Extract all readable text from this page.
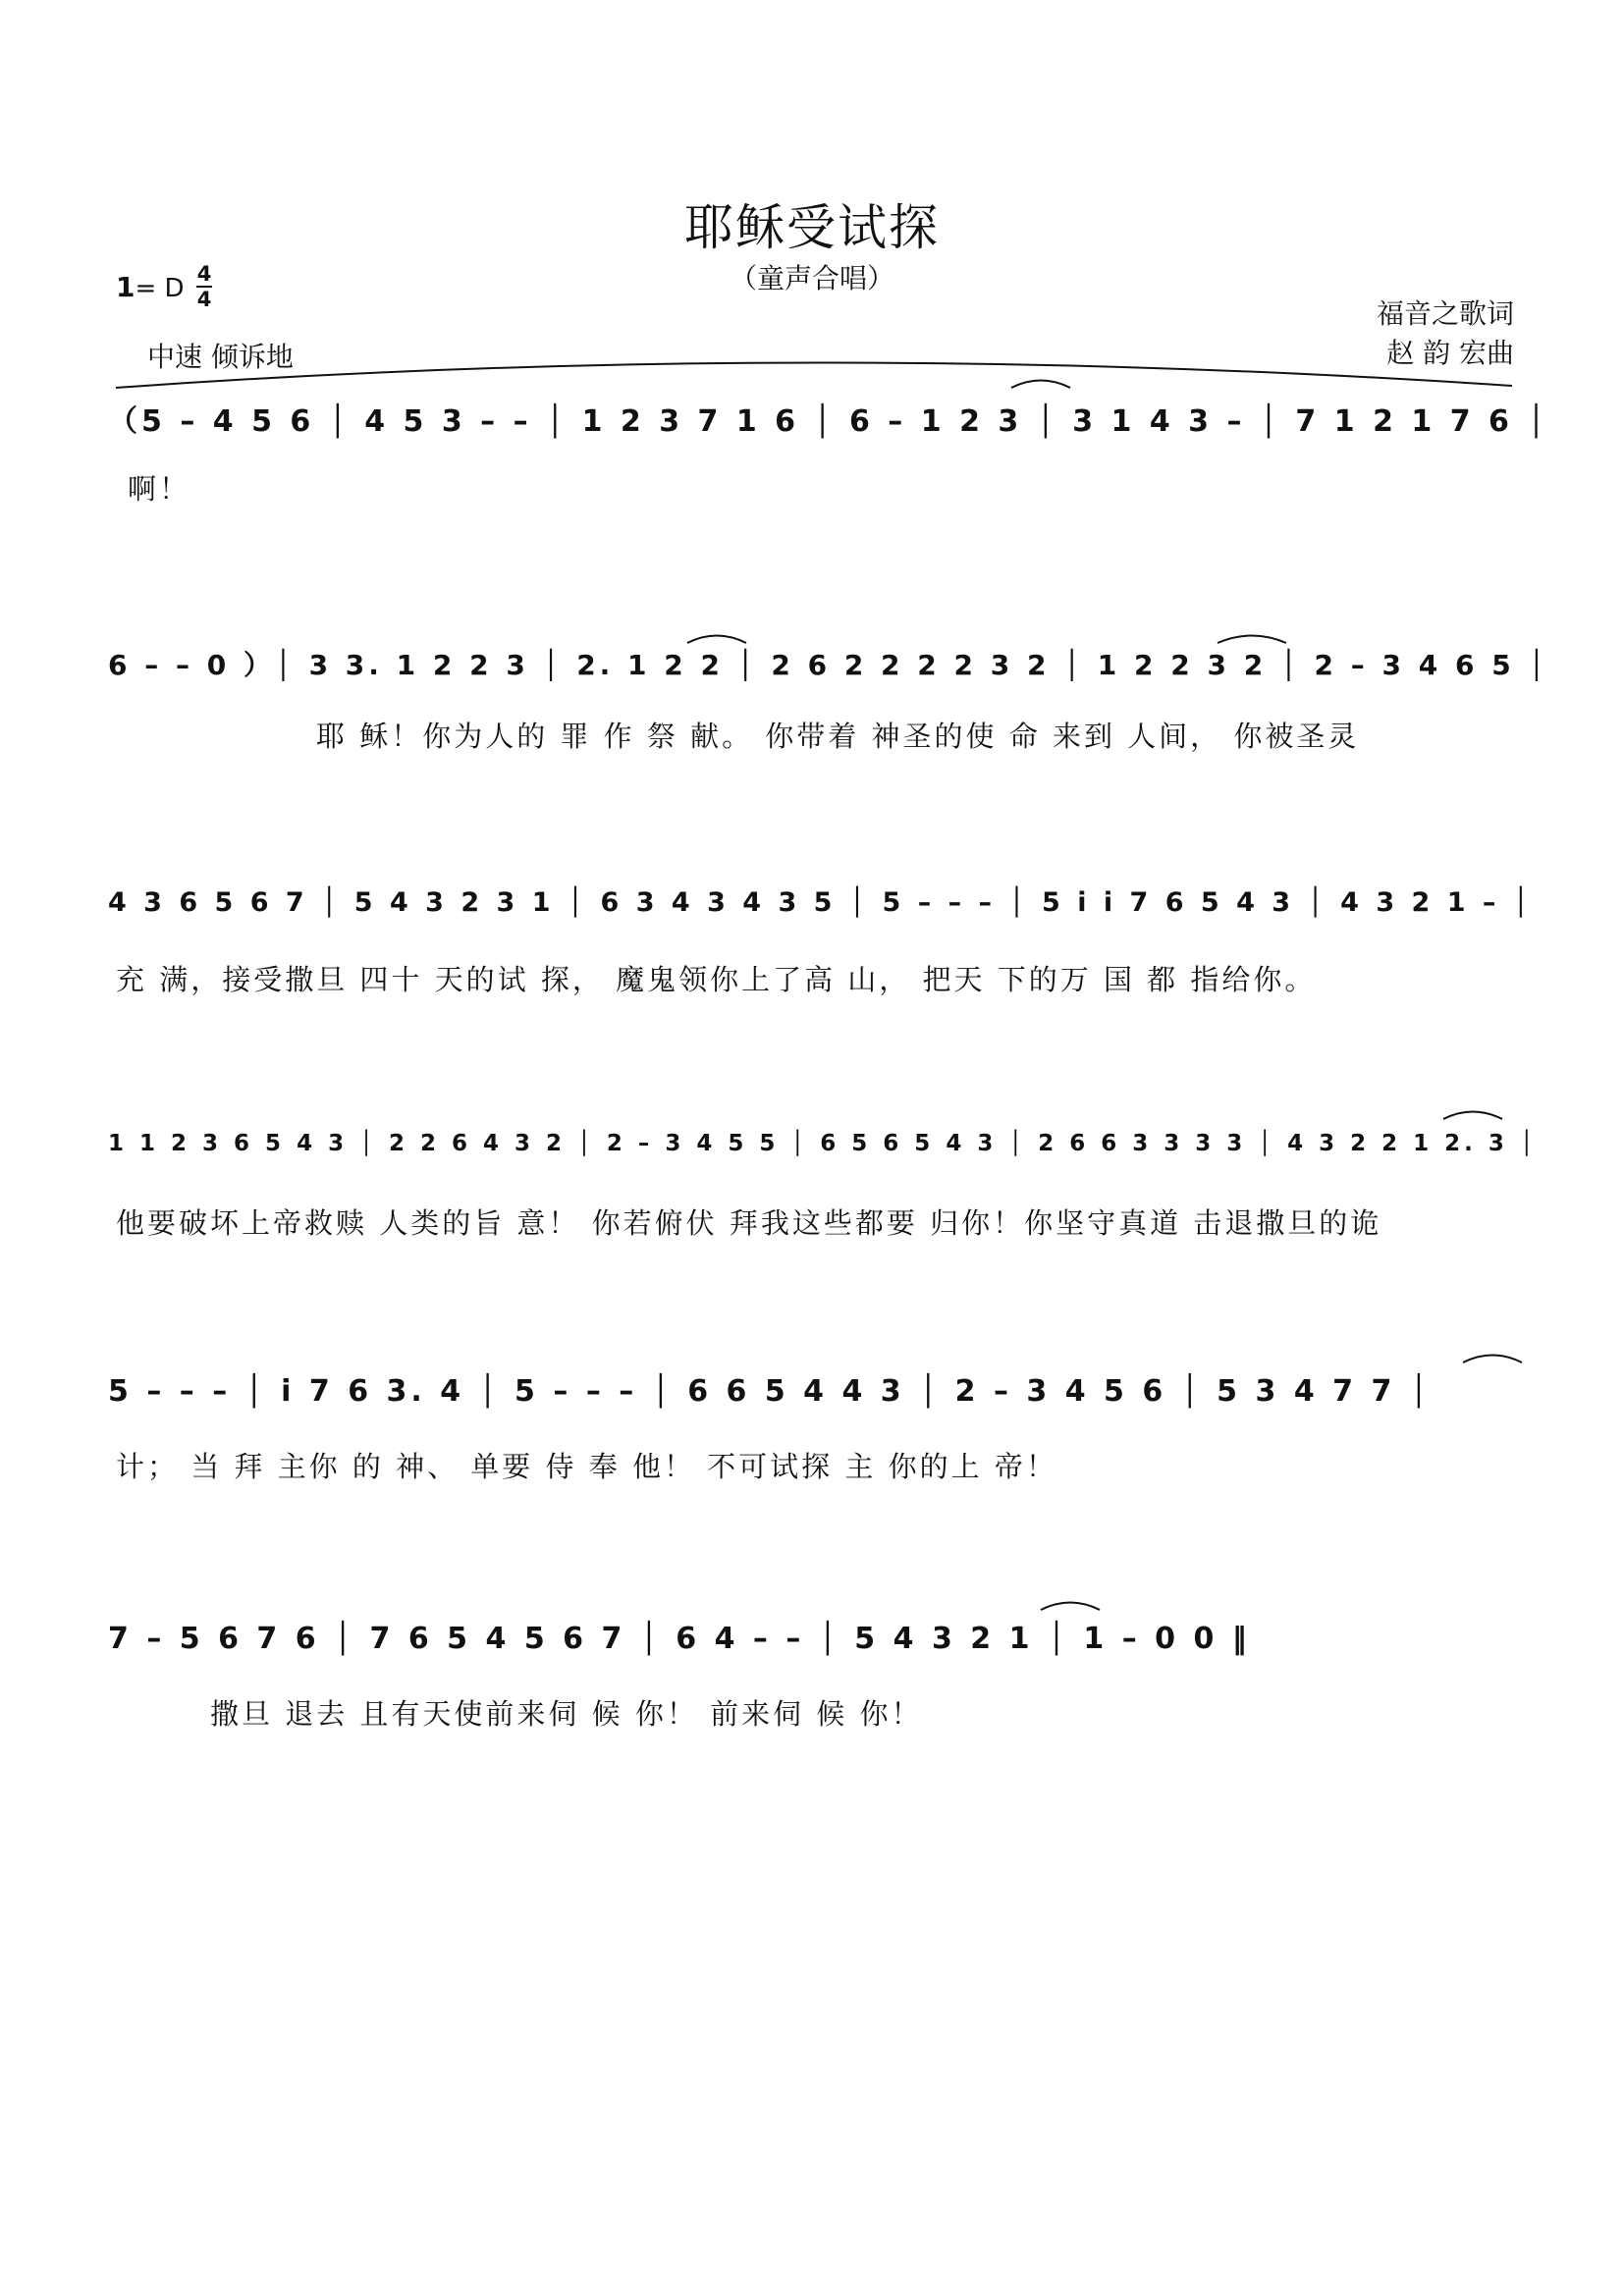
耶稣受试探
（童声合唱）
1= D 4
4
中速 倾诉地
福音之歌词
赵 韵 宏曲
（5 – 4 5 6 │ 4 5 3 – – │ 1 2 3 7 1 6 │ 6 – 1 2 3 │ 3 1 4 3 – │ 7 1 2 1 7 6 │
啊！
6 – – 0 ）│ 3 3. 1 2 2 3 │ 2. 1 2 2 │ 2 6 2 2 2 2 3 2 │ 1 2 2 3 2 │ 2 – 3 4 6 5 │
耶 稣！你为人的 罪 作 祭 献。 你带着 神圣的使 命 来到 人间， 你被圣灵
4 3 6 5 6 7 │ 5 4 3 2 3 1 │ 6 3 4 3 4 3 5 │ 5 – – – │ 5 i i 7 6 5 4 3 │ 4 3 2 1 – │
充 满，接受撒旦 四十 天的试 探， 魔鬼领你上了高 山， 把天 下的万 国 都 指给你。
1 1 2 3 6 5 4 3 │ 2 2 6 4 3 2 │ 2 – 3 4 5 5 │ 6 5 6 5 4 3 │ 2 6 6 3 3 3 3 │ 4 3 2 2 1 2. 3 │
他要破坏上帝救赎 人类的旨 意！ 你若俯伏 拜我这些都要 归你！你坚守真道 击退撒旦的诡
5 – – – │ i 7 6 3. 4 │ 5 – – – │ 6 6 5 4 4 3 │ 2 – 3 4 5 6 │ 5 3 4 7 7 │
计； 当 拜 主你 的 神、 单要 侍 奉 他！ 不可试探 主 你的上 帝！
7 – 5 6 7 6 │ 7 6 5 4 5 6 7 │ 6 4 – – │ 5 4 3 2 1 │ 1 – 0 0 ‖
撒旦 退去 且有天使前来伺 候 你！ 前来伺 候 你！
